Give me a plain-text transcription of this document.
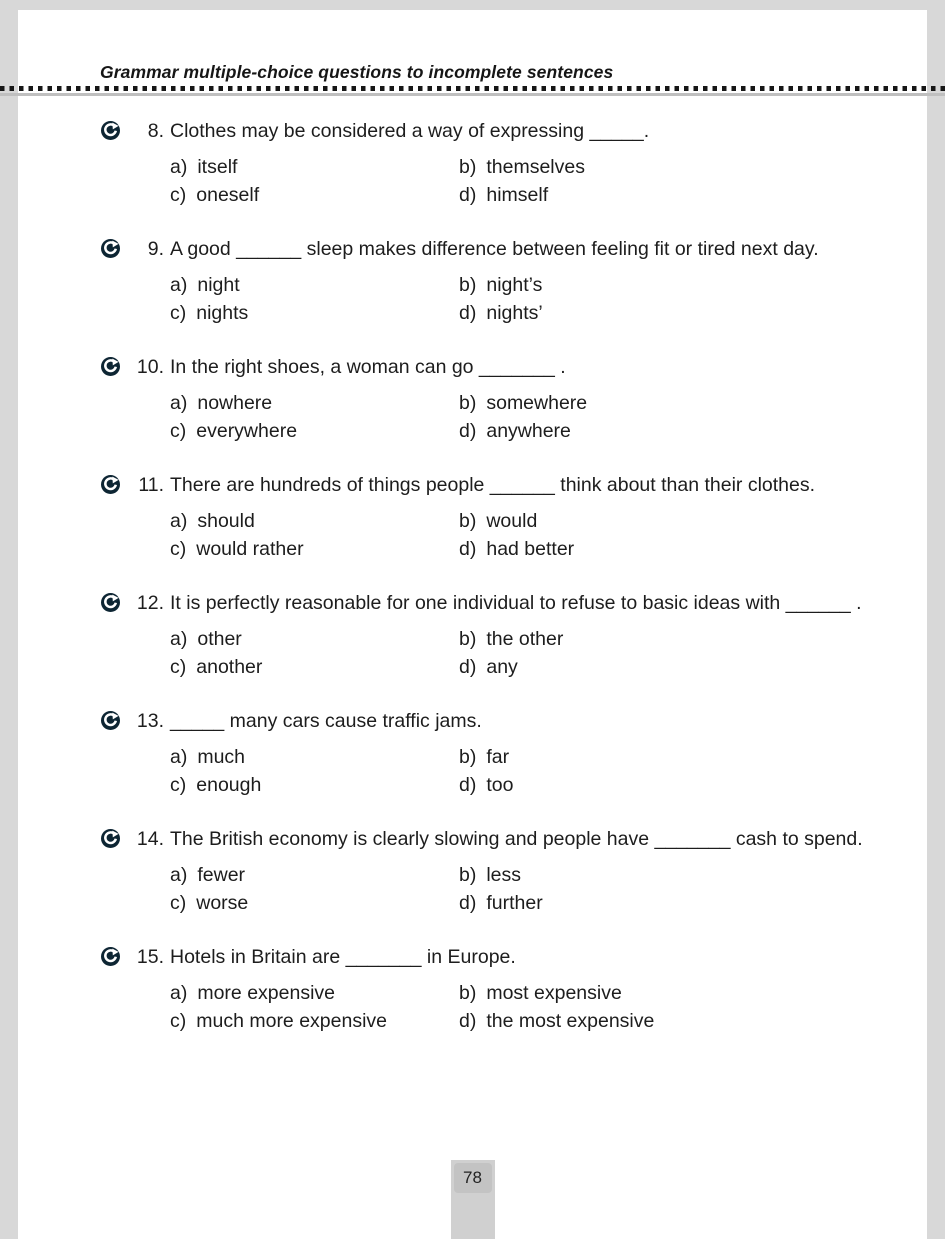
Grammar multiple-choice questions to incomplete sentences
8. Clothes may be considered a way of expressing _____.
a) itself	b) themselves
c) oneself	d) himself
9. A good ______ sleep makes difference between feeling fit or tired next day.
a) night	b) night’s
c) nights	d) nights’
10. In the right shoes, a woman can go _______ .
a) nowhere	b) somewhere
c) everywhere	d) anywhere
11. There are hundreds of things people ______ think about than their clothes.
a) should	b) would
c) would rather	d) had better
12. It is perfectly reasonable for one individual to refuse to basic ideas with ______ .
a) other	b) the other
c) another	d) any
13. _____ many cars cause traffic jams.
a) much	b) far
c) enough	d) too
14. The British economy is clearly slowing and people have _______ cash to spend.
a) fewer	b) less
c) worse	d) further
15. Hotels in Britain are _______ in Europe.
a) more expensive	b) most expensive
c) much more expensive	d) the most expensive
78
